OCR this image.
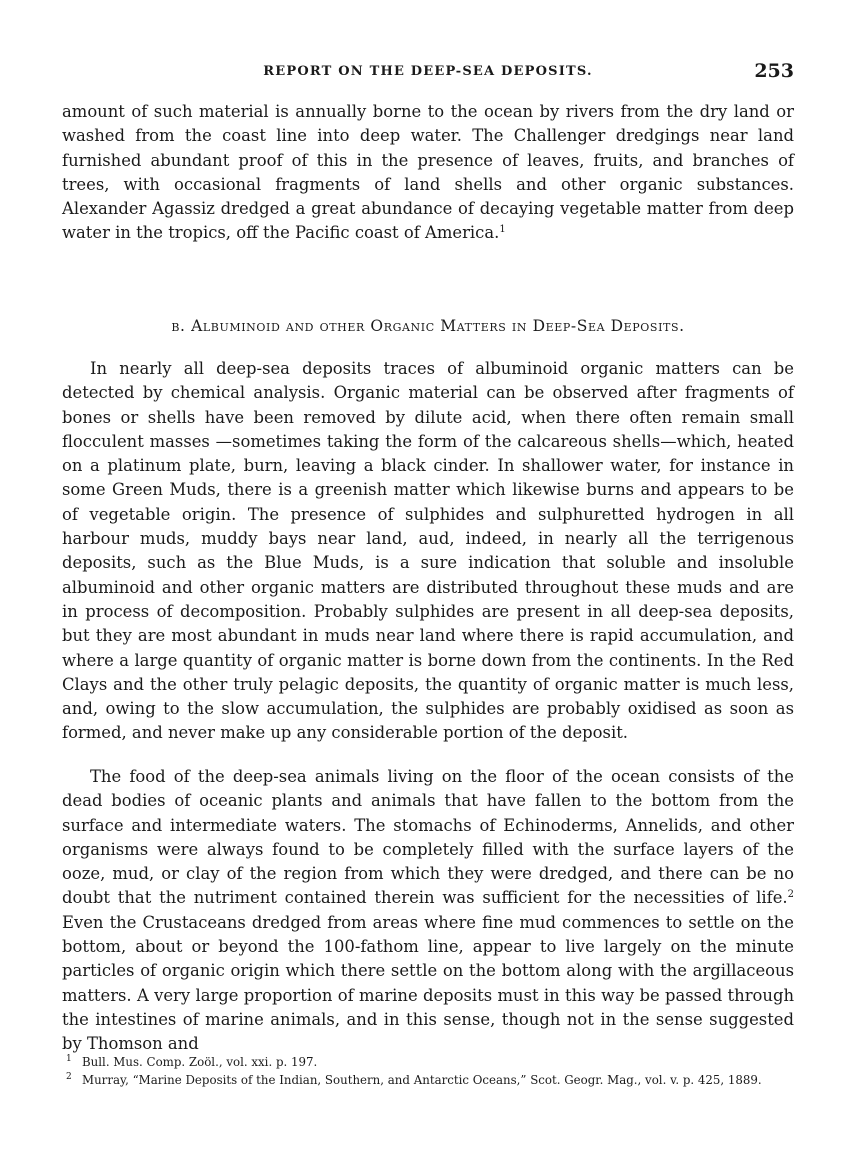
REPORT ON THE DEEP-SEA DEPOSITS.	253

amount of such material is annually borne to the ocean by rivers from the dry land or washed from the coast line into deep water. The Challenger dredgings near land furnished abundant proof of this in the presence of leaves, fruits, and branches of trees, with occasional fragments of land shells and other organic substances. Alexander Agassiz dredged a great abundance of decaying vegetable matter from deep water in the tropics, off the Pacific coast of America.$^1$

b. Albuminoid and other Organic Matters in Deep-Sea Deposits.

In nearly all deep-sea deposits traces of albuminoid organic matters can be detected by chemical analysis. Organic material can be observed after fragments of bones or shells have been removed by dilute acid, when there often remain small flocculent masses —sometimes taking the form of the calcareous shells—which, heated on a platinum plate, burn, leaving a black cinder. In shallower water, for instance in some Green Muds, there is a greenish matter which likewise burns and appears to be of vegetable origin. The presence of sulphides and sulphuretted hydrogen in all harbour muds, muddy bays near land, aud, indeed, in nearly all the terrigenous deposits, such as the Blue Muds, is a sure indication that soluble and insoluble albuminoid and other organic matters are distributed throughout these muds and are in process of decomposition. Probably sulphides are present in all deep-sea deposits, but they are most abundant in muds near land where there is rapid accumulation, and where a large quantity of organic matter is borne down from the continents. In the Red Clays and the other truly pelagic deposits, the quantity of organic matter is much less, and, owing to the slow accumulation, the sulphides are probably oxidised as soon as formed, and never make up any considerable portion of the deposit.

The food of the deep-sea animals living on the floor of the ocean consists of the dead bodies of oceanic plants and animals that have fallen to the bottom from the surface and intermediate waters. The stomachs of Echinoderms, Annelids, and other organisms were always found to be completely filled with the surface layers of the ooze, mud, or clay of the region from which they were dredged, and there can be no doubt that the nutriment contained therein was sufficient for the necessities of life.$^2$ Even the Crustaceans dredged from areas where fine mud commences to settle on the bottom, about or beyond the 100-fathom line, appear to live largely on the minute particles of organic origin which there settle on the bottom along with the argillaceous matters. A very large proportion of marine deposits must in this way be passed through the intestines of marine animals, and in this sense, though not in the sense suggested by Thomson and

1 Bull. Mus. Comp. Zoöl., vol. xxi. p. 197.

2 Murray, “Marine Deposits of the Indian, Southern, and Antarctic Oceans,” Scot. Geogr. Mag., vol. v. p. 425, 1889.
